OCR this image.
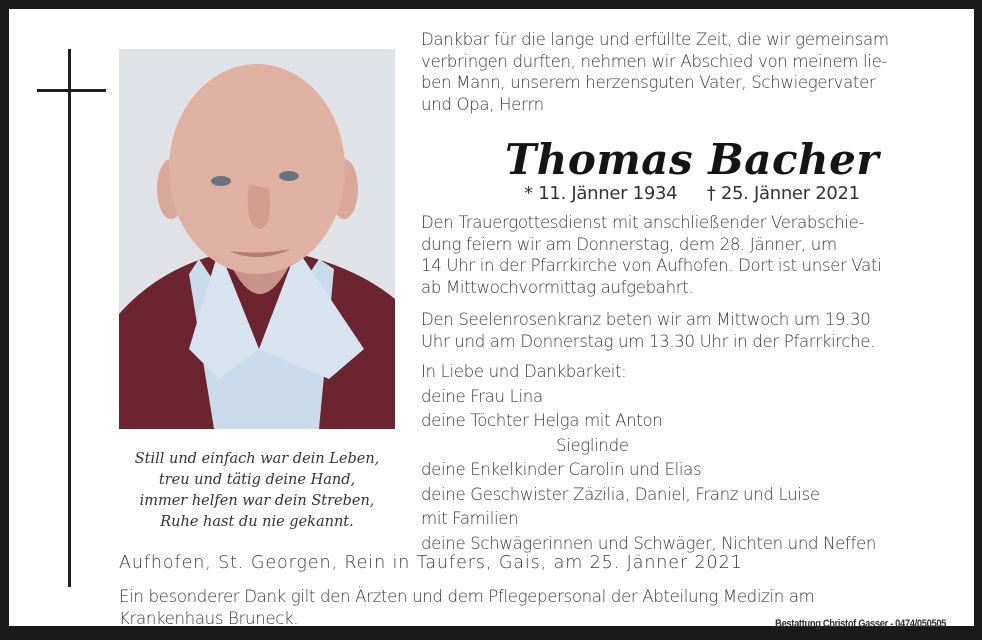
Still und einfach war dein Leben,
treu und tätig deine Hand,
immer helfen war dein Streben,
Ruhe hast du nie gekannt.
Dankbar für die lange und erfüllte Zeit, die wir gemeinsam
verbringen durften, nehmen wir Abschied von meinem lie-
ben Mann, unserem herzensguten Vater, Schwiegervater
und Opa, Herrn
Thomas Bacher
* 11. Jänner 1934 † 25. Jänner 2021
Den Trauergottesdienst mit anschließender Verabschie-
dung feiern wir am Donnerstag, dem 28. Jänner, um
14 Uhr in der Pfarrkirche von Aufhofen. Dort ist unser Vati
ab Mittwochvormittag aufgebahrt.
Den Seelenrosenkranz beten wir am Mittwoch um 19.30
Uhr und am Donnerstag um 13.30 Uhr in der Pfarrkirche.
In Liebe und Dankbarkeit:
deine Frau Lina
deine Töchter Helga mit Anton
Sieglinde
deine Enkelkinder Carolin und Elias
deine Geschwister Zäzilia, Daniel, Franz und Luise
mit Familien
deine Schwägerinnen und Schwäger, Nichten und Neffen
Aufhofen, St. Georgen, Rein in Taufers, Gais, am 25. Jänner 2021
Ein besonderer Dank gilt den Ärzten und dem Pflegepersonal der Abteilung Medizin am
Krankenhaus Bruneck.	Bestattung Christof Gasser - 0474/050505
